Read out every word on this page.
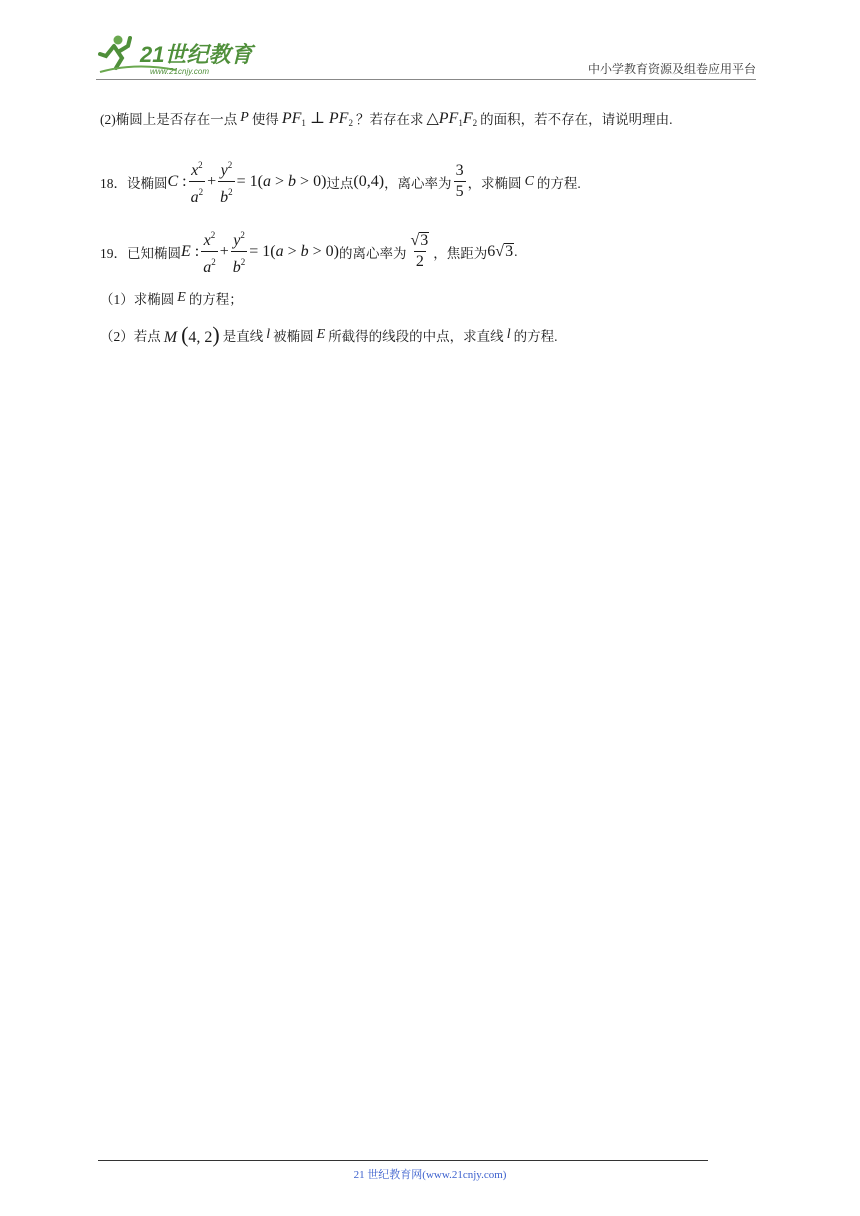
21世纪教育
www.21cnjy.com	中小学教育资源及组卷应用平台
(2)椭圆上是否存在一点 P 使得 $PF_1$ ⊥ $PF_2$ ？若存在求 $\triangle PF_1F_2$ 的面积，若不存在，请说明理由.
18． 设椭圆 C : $\frac{x^2}{a^2} + \frac{y^2}{b^2} = 1(a > b > 0)$ 过点 (0,4) ，离心率为 $\frac{3}{5}$ ，求椭圆 C 的方程.
19． 已知椭圆 E : $\frac{x^2}{a^2} + \frac{y^2}{b^2} = 1(a > b > 0)$ 的离心率为 $\frac{√3}{2}$ ，焦距为 6√3 .
（1）求椭圆 E 的方程；
（2）若点 M (4, 2) 是直线 l 被椭圆 E 所截得的线段的中点，求直线 l 的方程.
21 世纪教育网(www.21cnjy.com)
